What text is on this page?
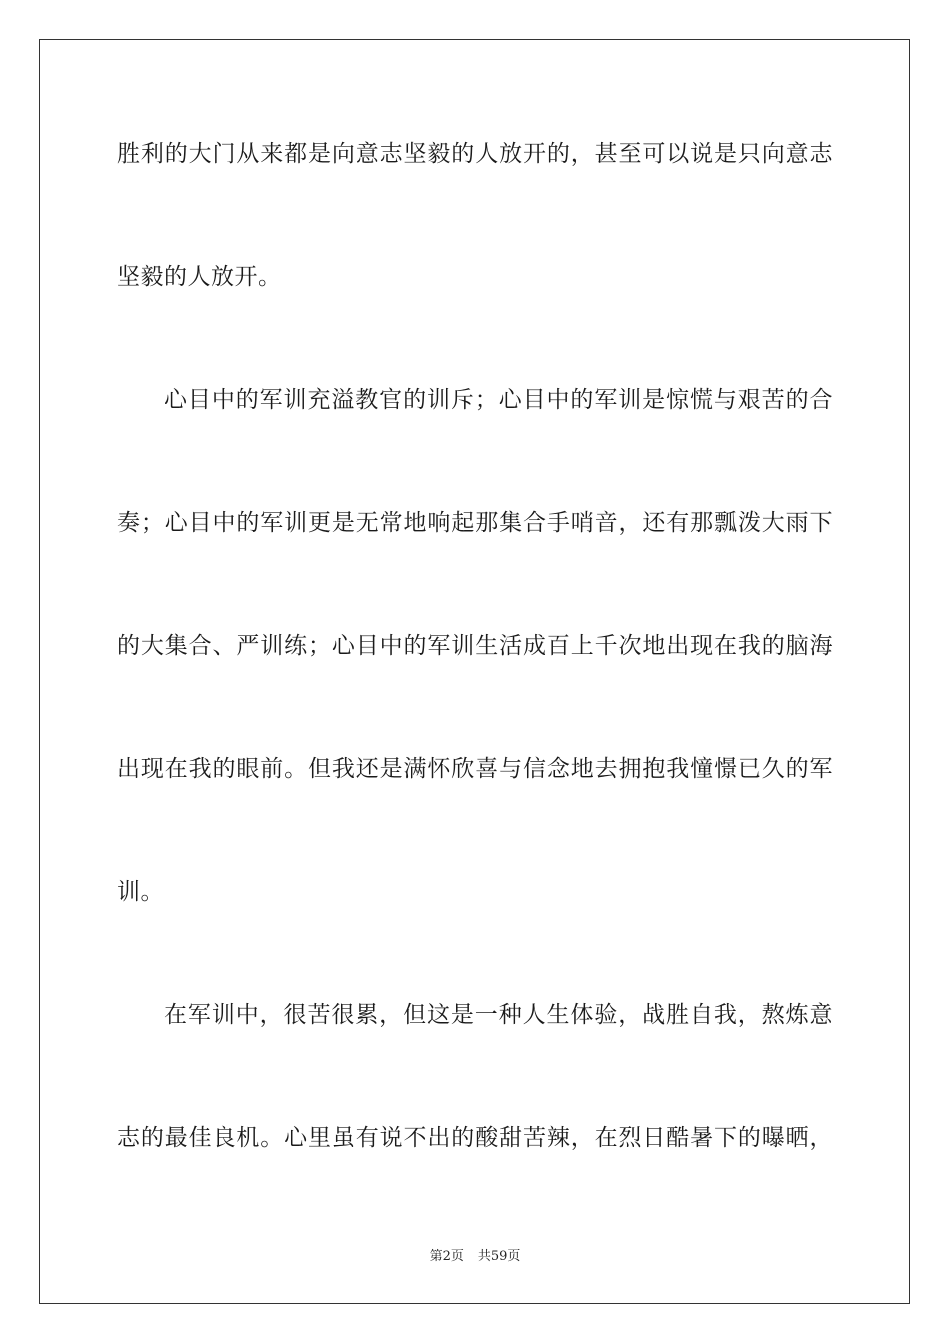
胜利的大门从来都是向意志坚毅的人放开的，甚至可以说是只向意志
坚毅的人放开。
心目中的军训充溢教官的训斥；心目中的军训是惊慌与艰苦的合
奏；心目中的军训更是无常地响起那集合手哨音，还有那瓢泼大雨下
的大集合、严训练；心目中的军训生活成百上千次地出现在我的脑海
出现在我的眼前。但我还是满怀欣喜与信念地去拥抱我憧憬已久的军
训。
在军训中，很苦很累，但这是一种人生体验，战胜自我，熬炼意
志的最佳良机。心里虽有说不出的酸甜苦辣，在烈日酷暑下的曝晒，
第2页 共59页
